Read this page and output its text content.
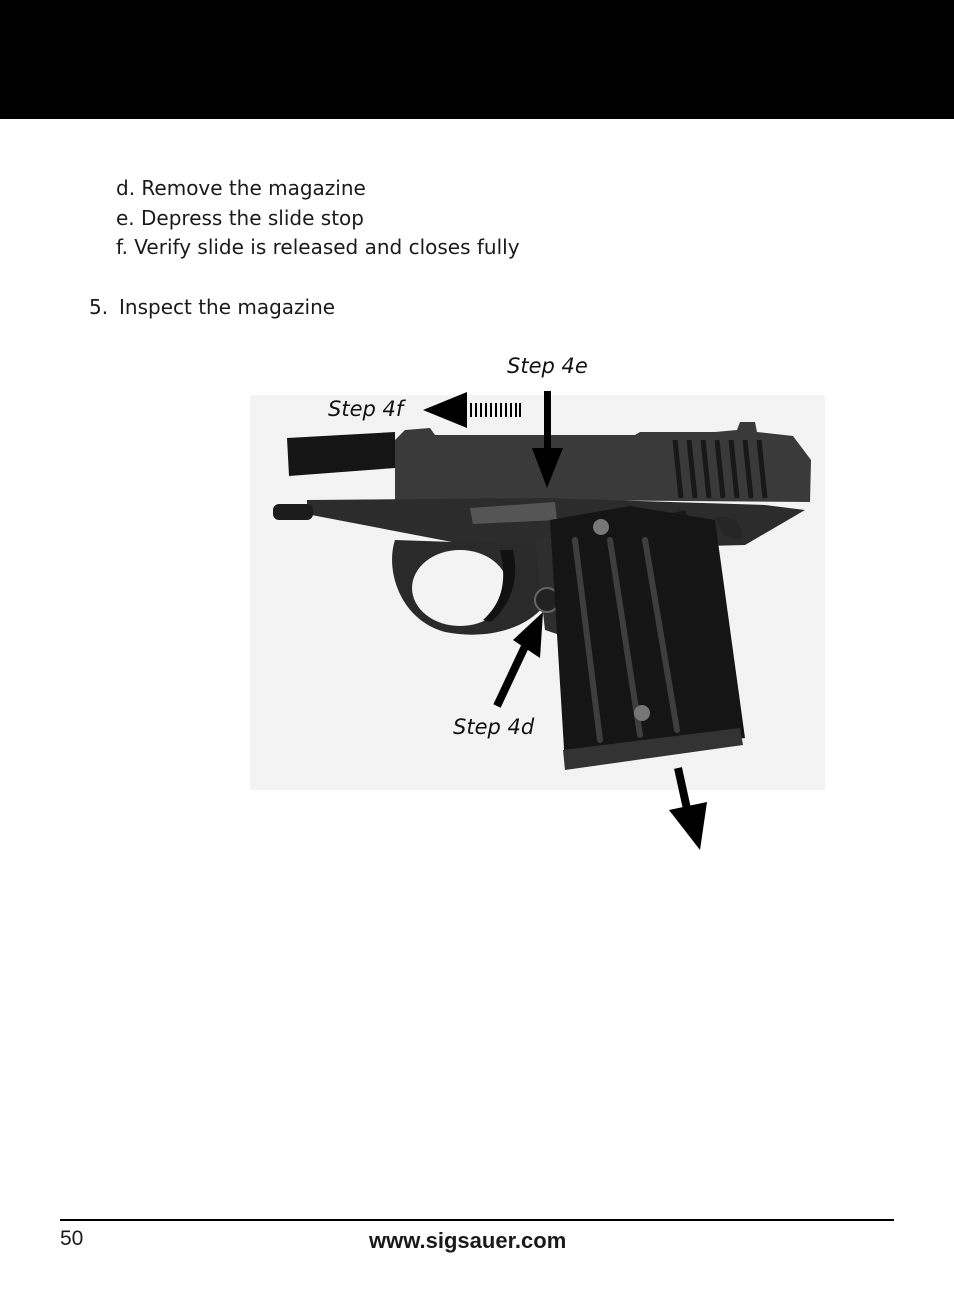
d. Remove the magazine
e. Depress the slide stop
f. Verify slide is released and closes fully
5. Inspect the magazine
Step 4e
Step 4f
Step 4d
50	www.sigsauer.com
